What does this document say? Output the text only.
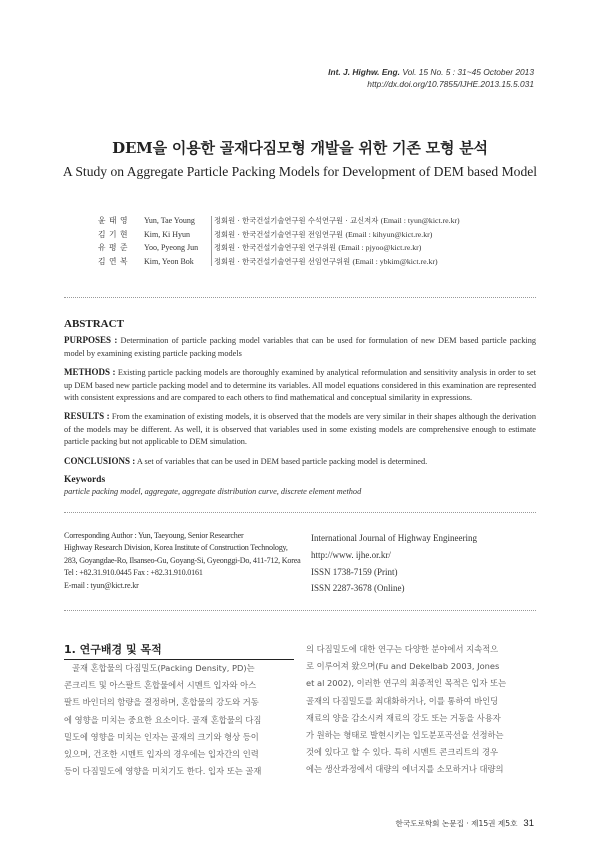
Int. J. Highw. Eng. Vol. 15 No. 5 : 31~45 October 2013
http://dx.doi.org/10.7855/IJHE.2013.15.5.031
DEM을 이용한 골재다짐모형 개발을 위한 기존 모형 분석
A Study on Aggregate Particle Packing Models for Development of DEM based Model
윤 태 영	Yun, Tae Young	정회원 · 한국건설기술연구원 수석연구원 · 교신저자 (Email : tyun@kict.re.kr)
김 기 현	Kim, Ki Hyun	정회원 · 한국건설기술연구원 전임연구원 (Email : kihyun@kict.re.kr)
유 평 준	Yoo, Pyeong Jun	정회원 · 한국건설기술연구원 연구위원 (Email : pjyoo@kict.re.kr)
김 연 복	Kim, Yeon Bok	정회원 · 한국건설기술연구원 선임연구위원 (Email : ybkim@kict.re.kr)
ABSTRACT

PURPOSES : Determination of particle packing model variables that can be used for formulation of new DEM based particle packing model by examining existing particle packing models

METHODS : Existing particle packing models are thoroughly examined by analytical reformulation and sensitivity analysis in order to set up DEM based new particle packing model and to determine its variables. All model equations considered in this examination are represented with consistent expressions and are compared to each others to find mathematical and conceptual similarity in expressions.

RESULTS : From the examination of existing models, it is observed that the models are very similar in their shapes although the derivation of the models may be different. As well, it is observed that variables used in some existing models are comprehensive enough to estimate particle packing but not applicable to DEM simulation.

CONCLUSIONS : A set of variables that can be used in DEM based particle packing model is determined.

Keywords

particle packing model, aggregate, aggregate distribution curve, discrete element method

Corresponding Author : Yun, Taeyoung, Senior Researcher
Highway Research Division, Korea Institute of Construction Technology,
283, Goyangdae-Ro, Ilsanseo-Gu, Goyang-Si, Gyeonggi-Do, 411-712, Korea
Tel : +82.31.910.0445 Fax : +82.31.910.0161
E-mail : tyun@kict.re.kr
International Journal of Highway Engineering
http://www. ijhe.or.kr/
ISSN 1738-7159 (Print)
ISSN 2287-3678 (Online)
1. 연구배경 및 목적
골재 혼합물의 다짐밀도(Packing Density, PD)는
콘크리트 및 아스팔트 혼합물에서 시멘트 입자와 아스
팔트 바인더의 함량을 결정하며, 혼합물의 강도와 거동
에 영향을 미치는 중요한 요소이다. 골재 혼합물의 다짐
밀도에 영향을 미치는 인자는 골재의 크기와 형상 등이
있으며, 건조한 시멘트 입자의 경우에는 입자간의 인력
등이 다짐밀도에 영향을 미치기도 한다. 입자 또는 골재
의 다짐밀도에 대한 연구는 다양한 분야에서 지속적으
로 이루어져 왔으며(Fu and Dekelbab 2003, Jones
et al 2002), 이러한 연구의 최종적인 목적은 입자 또는
골재의 다짐밀도를 최대화하거나, 이를 통하여 바인딩
재료의 양을 감소시켜 재료의 강도 또는 거동을 사용자
가 원하는 형태로 발현시키는 입도분포곡선을 선정하는
것에 있다고 할 수 있다. 특히 시멘트 콘크리트의 경우
에는 생산과정에서 대량의 에너지를 소모하거나 대량의
한국도로학회 논문집 · 제15권 제5호 31
